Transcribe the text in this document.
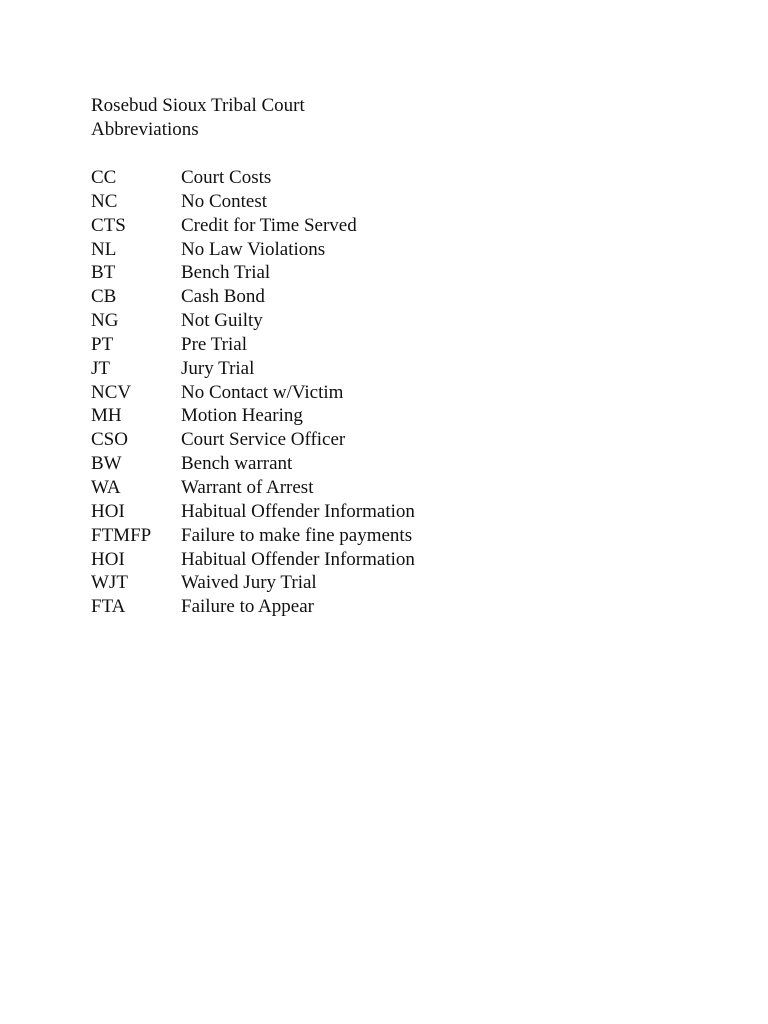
Rosebud Sioux Tribal Court
Abbreviations
CC	Court Costs
NC	No Contest
CTS	Credit for Time Served
NL	No Law Violations
BT	Bench Trial
CB	Cash Bond
NG	Not Guilty
PT	Pre Trial
JT	Jury Trial
NCV	No Contact w/Victim
MH	Motion Hearing
CSO	Court Service Officer
BW	Bench warrant
WA	Warrant of Arrest
HOI	Habitual Offender Information
FTMFP	Failure to make fine payments
HOI	Habitual Offender Information
WJT	Waived Jury Trial
FTA	Failure to Appear
